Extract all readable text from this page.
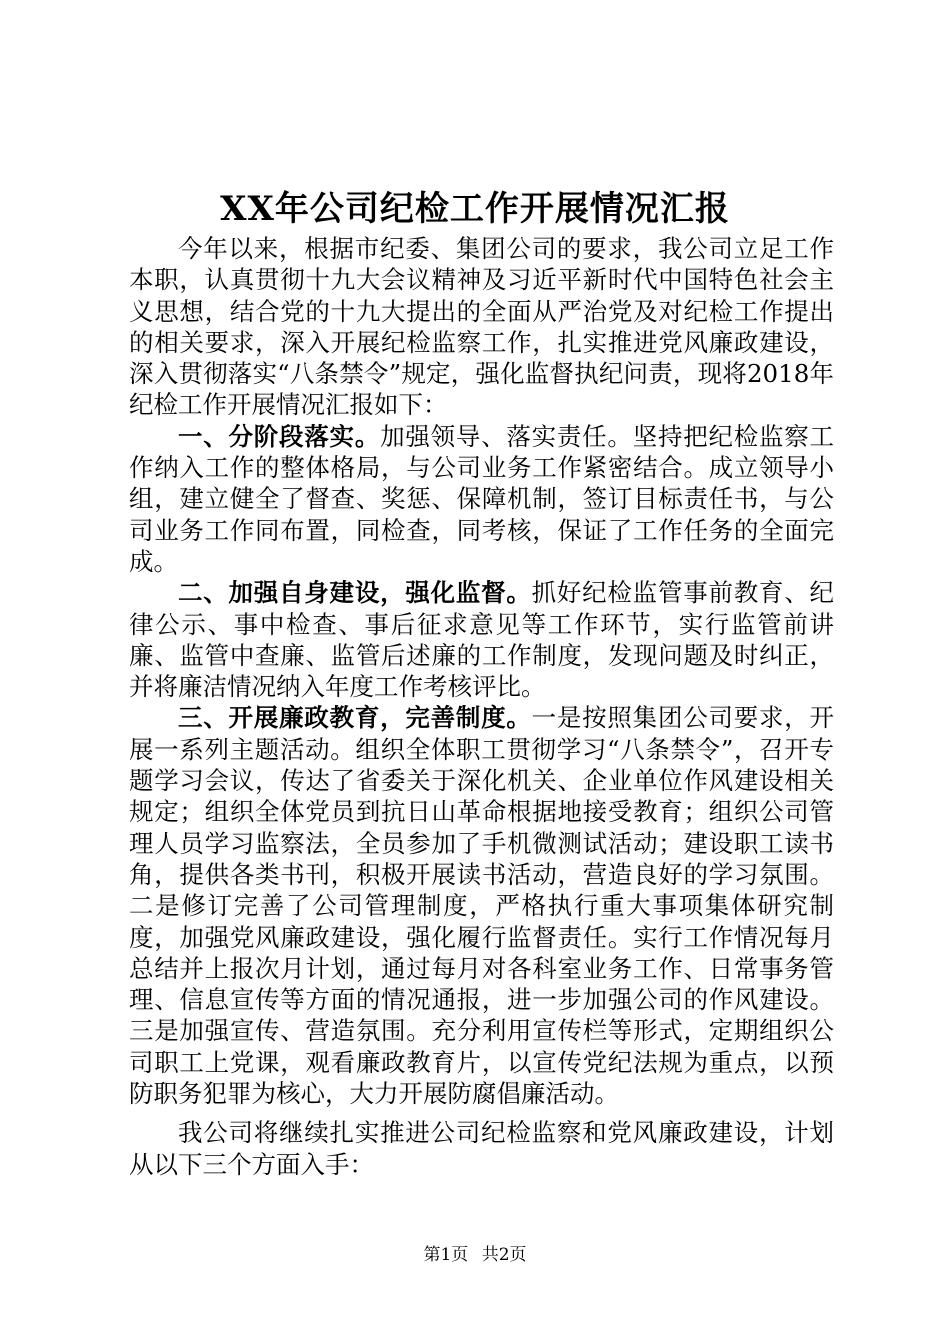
XX年公司纪检工作开展情况汇报

今年以来，根据市纪委、集团公司的要求，我公司立足工作本职，认真贯彻十九大会议精神及习近平新时代中国特色社会主义思想，结合党的十九大提出的全面从严治党及对纪检工作提出的相关要求，深入开展纪检监察工作，扎实推进党风廉政建设，深入贯彻落实“八条禁令”规定，强化监督执纪问责，现将2018年纪检工作开展情况汇报如下：

一、分阶段落实。加强领导、落实责任。坚持把纪检监察工作纳入工作的整体格局，与公司业务工作紧密结合。成立领导小组，建立健全了督查、奖惩、保障机制，签订目标责任书，与公司业务工作同布置，同检查，同考核，保证了工作任务的全面完成。

二、加强自身建设，强化监督。抓好纪检监管事前教育、纪律公示、事中检查、事后征求意见等工作环节，实行监管前讲廉、监管中查廉、监管后述廉的工作制度，发现问题及时纠正，并将廉洁情况纳入年度工作考核评比。

三、开展廉政教育，完善制度。一是按照集团公司要求，开展一系列主题活动。组织全体职工贯彻学习“八条禁令”，召开专题学习会议，传达了省委关于深化机关、企业单位作风建设相关规定；组织全体党员到抗日山革命根据地接受教育；组织公司管理人员学习监察法，全员参加了手机微测试活动；建设职工读书角，提供各类书刊，积极开展读书活动，营造良好的学习氛围。二是修订完善了公司管理制度，严格执行重大事项集体研究制度，加强党风廉政建设，强化履行监督责任。实行工作情况每月总结并上报次月计划，通过每月对各科室业务工作、日常事务管理、信息宣传等方面的情况通报，进一步加强公司的作风建设。三是加强宣传、营造氛围。充分利用宣传栏等形式，定期组织公司职工上党课，观看廉政教育片，以宣传党纪法规为重点，以预防职务犯罪为核心，大力开展防腐倡廉活动。

我公司将继续扎实推进公司纪检监察和党风廉政建设，计划从以下三个方面入手：

第1页 共2页
